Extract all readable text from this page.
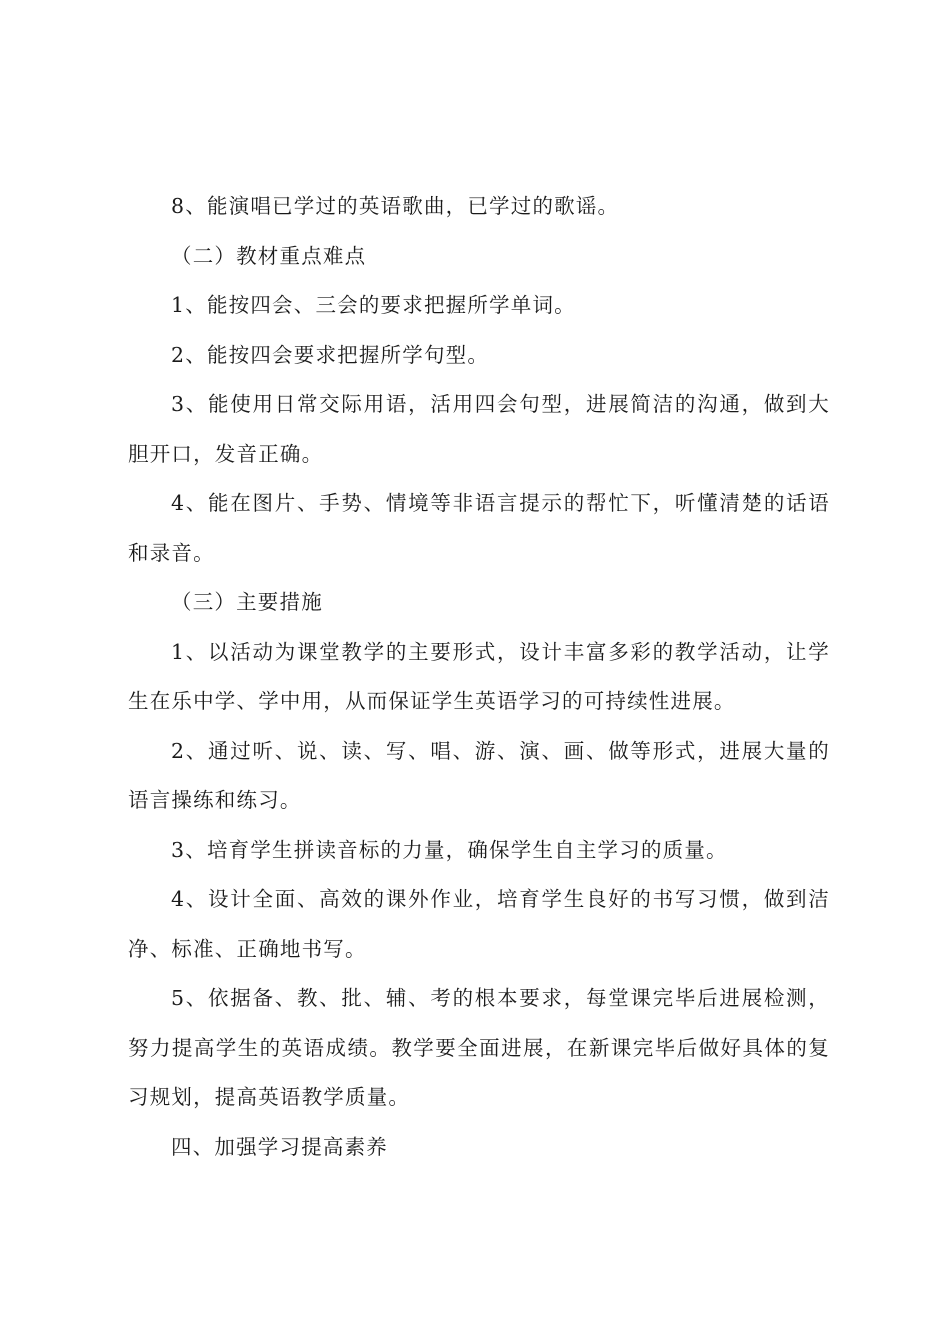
8、能演唱已学过的英语歌曲，已学过的歌谣。

（二）教材重点难点

1、能按四会、三会的要求把握所学单词。

2、能按四会要求把握所学句型。

3、能使用日常交际用语，活用四会句型，进展简洁的沟通，做到大胆开口，发音正确。

4、能在图片、手势、情境等非语言提示的帮忙下，听懂清楚的话语和录音。

（三）主要措施

1、以活动为课堂教学的主要形式，设计丰富多彩的教学活动，让学生在乐中学、学中用，从而保证学生英语学习的可持续性进展。

2、通过听、说、读、写、唱、游、演、画、做等形式，进展大量的语言操练和练习。

3、培育学生拼读音标的力量，确保学生自主学习的质量。

4、设计全面、高效的课外作业，培育学生良好的书写习惯，做到洁净、标准、正确地书写。

5、依据备、教、批、辅、考的根本要求，每堂课完毕后进展检测，努力提高学生的英语成绩。教学要全面进展，在新课完毕后做好具体的复习规划，提高英语教学质量。

四、加强学习提高素养
